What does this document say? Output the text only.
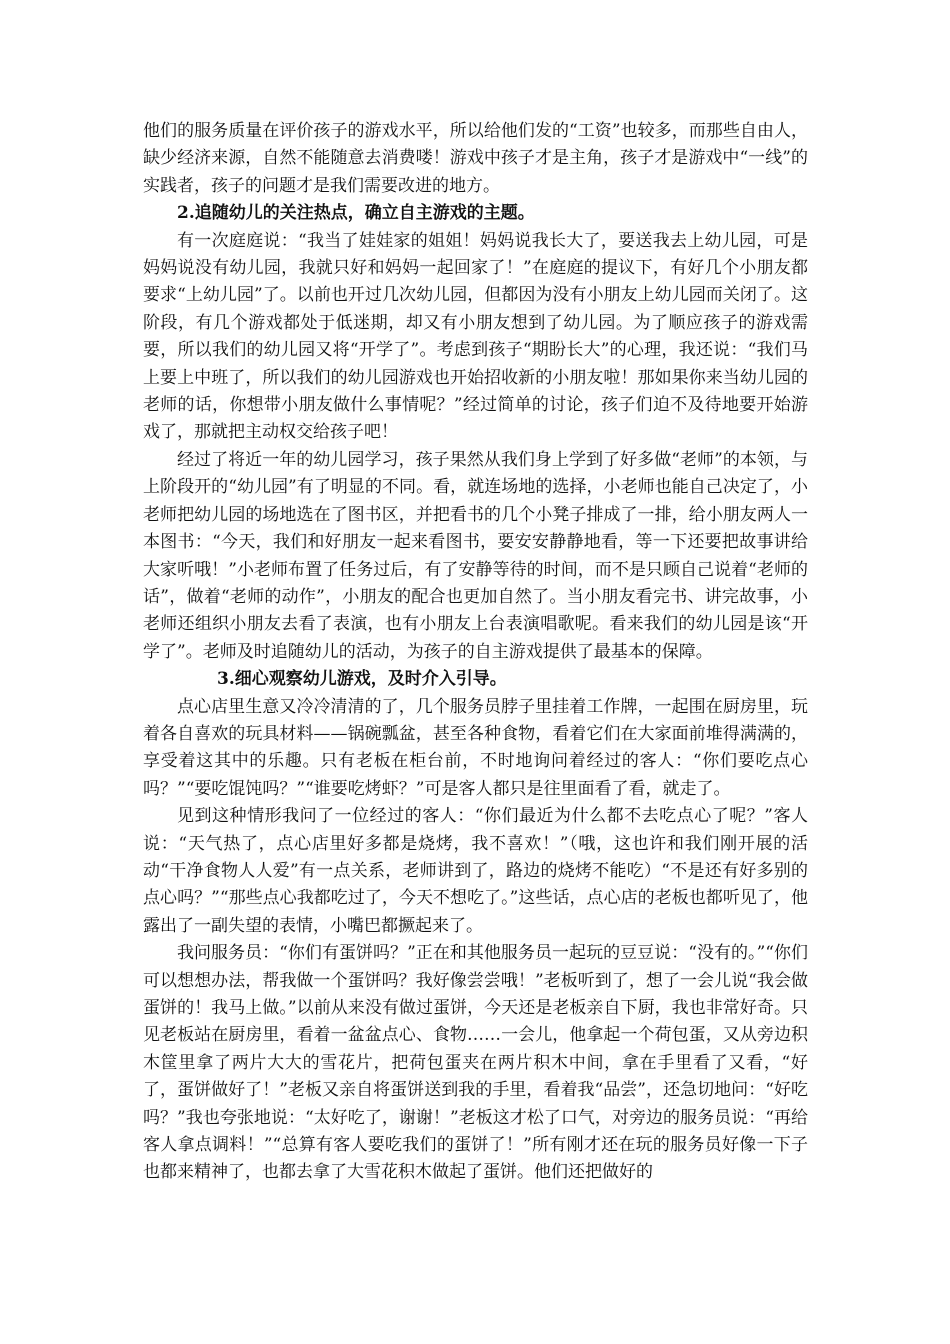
他们的服务质量在评价孩子的游戏水平，所以给他们发的“工资”也较多，而那些自由人，缺少经济来源，自然不能随意去消费喽！游戏中孩子才是主角，孩子才是游戏中“一线”的实践者，孩子的问题才是我们需要改进的地方。

2.追随幼儿的关注热点，确立自主游戏的主题。

有一次庭庭说：“我当了娃娃家的姐姐！妈妈说我长大了，要送我去上幼儿园，可是妈妈说没有幼儿园，我就只好和妈妈一起回家了！”在庭庭的提议下，有好几个小朋友都要求“上幼儿园”了。以前也开过几次幼儿园，但都因为没有小朋友上幼儿园而关闭了。这阶段，有几个游戏都处于低迷期，却又有小朋友想到了幼儿园。为了顺应孩子的游戏需要，所以我们的幼儿园又将“开学了”。考虑到孩子“期盼长大”的心理，我还说：“我们马上要上中班了，所以我们的幼儿园游戏也开始招收新的小朋友啦！那如果你来当幼儿园的老师的话，你想带小朋友做什么事情呢？”经过简单的讨论，孩子们迫不及待地要开始游戏了，那就把主动权交给孩子吧！

经过了将近一年的幼儿园学习，孩子果然从我们身上学到了好多做“老师”的本领，与上阶段开的“幼儿园”有了明显的不同。看，就连场地的选择，小老师也能自己决定了，小老师把幼儿园的场地选在了图书区，并把看书的几个小凳子排成了一排，给小朋友两人一本图书：“今天，我们和好朋友一起来看图书，要安安静静地看，等一下还要把故事讲给大家听哦！”小老师布置了任务过后，有了安静等待的时间，而不是只顾自己说着“老师的话”，做着“老师的动作”，小朋友的配合也更加自然了。当小朋友看完书、讲完故事，小老师还组织小朋友去看了表演，也有小朋友上台表演唱歌呢。看来我们的幼儿园是该“开学了”。老师及时追随幼儿的活动，为孩子的自主游戏提供了最基本的保障。

3.细心观察幼儿游戏，及时介入引导。

点心店里生意又冷冷清清的了，几个服务员脖子里挂着工作牌，一起围在厨房里，玩着各自喜欢的玩具材料——锅碗瓢盆，甚至各种食物，看着它们在大家面前堆得满满的，享受着这其中的乐趣。只有老板在柜台前，不时地询问着经过的客人：“你们要吃点心吗？”“要吃馄饨吗？”“谁要吃烤虾？”可是客人都只是往里面看了看，就走了。

见到这种情形我问了一位经过的客人：“你们最近为什么都不去吃点心了呢？”客人说：“天气热了，点心店里好多都是烧烤，我不喜欢！”（哦，这也许和我们刚开展的活动“干净食物人人爱”有一点关系，老师讲到了，路边的烧烤不能吃）“不是还有好多别的点心吗？”“那些点心我都吃过了，今天不想吃了。”这些话，点心店的老板也都听见了，他露出了一副失望的表情，小嘴巴都撅起来了。

我问服务员：“你们有蛋饼吗？”正在和其他服务员一起玩的豆豆说：“没有的。”“你们可以想想办法，帮我做一个蛋饼吗？我好像尝尝哦！”老板听到了，想了一会儿说“我会做蛋饼的！我马上做。”以前从来没有做过蛋饼，今天还是老板亲自下厨，我也非常好奇。只见老板站在厨房里，看着一盆盆点心、食物……一会儿，他拿起一个荷包蛋，又从旁边积木筐里拿了两片大大的雪花片，把荷包蛋夹在两片积木中间，拿在手里看了又看，“好了，蛋饼做好了！”老板又亲自将蛋饼送到我的手里，看着我“品尝”，还急切地问：“好吃吗？”我也夸张地说：“太好吃了，谢谢！”老板这才松了口气，对旁边的服务员说：“再给客人拿点调料！”“总算有客人要吃我们的蛋饼了！”所有刚才还在玩的服务员好像一下子也都来精神了，也都去拿了大雪花积木做起了蛋饼。他们还把做好的
